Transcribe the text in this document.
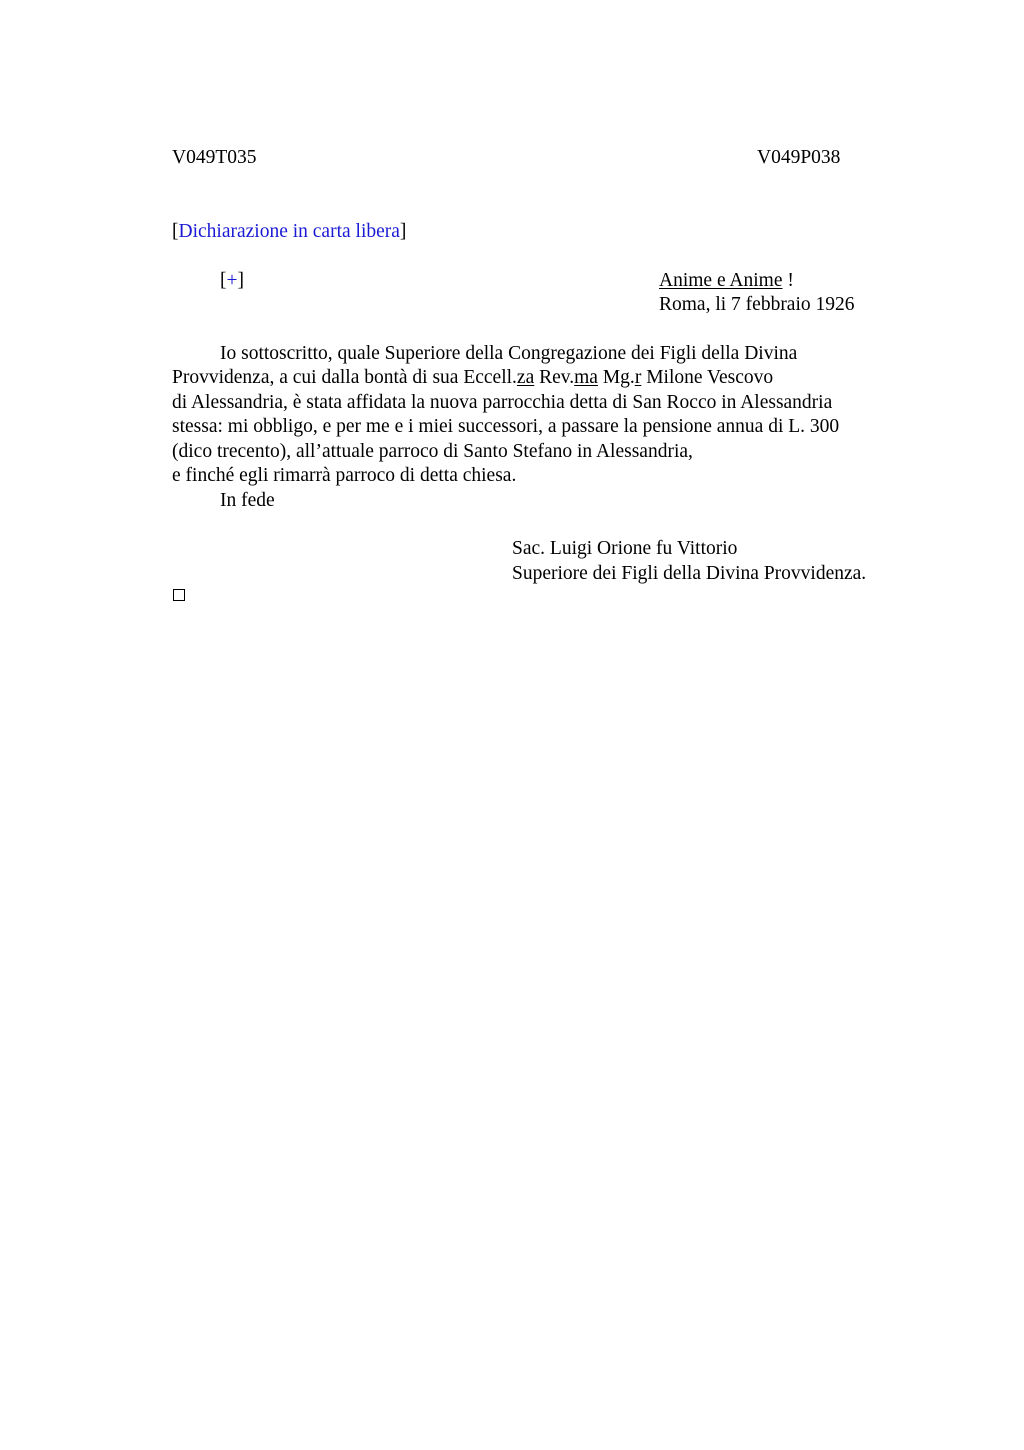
V049T035	V049P038
[Dichiarazione in carta libera]
[+]	Anime e Anime !
Roma, li 7 febbraio 1926
Io sottoscritto, quale Superiore della Congregazione dei Figli della Divina
Provvidenza, a cui dalla bontà di sua Eccell.za Rev.ma Mg.r Milone Vescovo
di Alessandria, è stata affidata la nuova parrocchia detta di San Rocco in Alessandria
stessa: mi obbligo, e per me e i miei successori, a passare la pensione annua di L. 300
(dico trecento), all’attuale parroco di Santo Stefano in Alessandria,
e finché egli rimarrà parroco di detta chiesa.
In fede
Sac. Luigi Orione fu Vittorio
Superiore dei Figli della Divina Provvidenza.
